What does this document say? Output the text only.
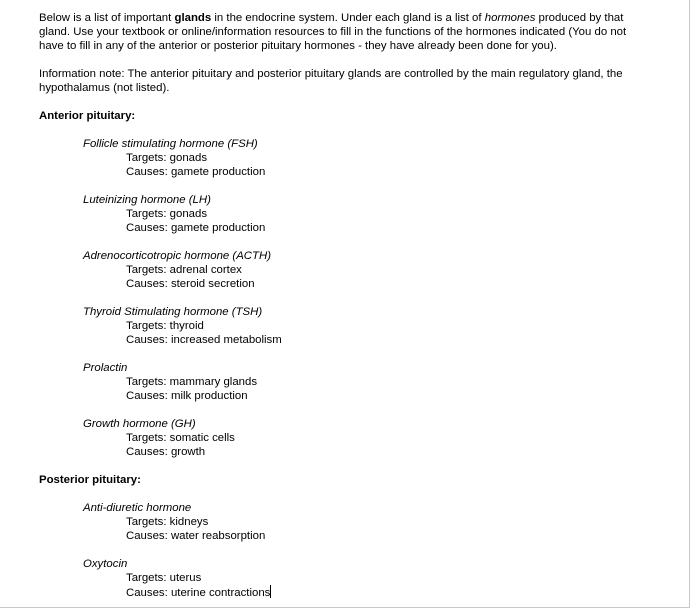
Below is a list of important glands in the endocrine system. Under each gland is a list of hormones produced by that gland. Use your textbook or online/information resources to fill in the functions of the hormones indicated (You do not have to fill in any of the anterior or posterior pituitary hormones - they have already been done for you).

Information note: The anterior pituitary and posterior pituitary glands are controlled by the main regulatory gland, the hypothalamus (not listed).

Anterior pituitary:
Follicle stimulating hormone (FSH)
Targets: gonads
Causes: gamete production
Luteinizing hormone (LH)
Targets: gonads
Causes: gamete production
Adrenocorticotropic hormone (ACTH)
Targets: adrenal cortex
Causes: steroid secretion
Thyroid Stimulating hormone (TSH)
Targets: thyroid
Causes: increased metabolism
Prolactin
Targets: mammary glands
Causes: milk production
Growth hormone (GH)
Targets: somatic cells
Causes: growth
Posterior pituitary:
Anti-diuretic hormone
Targets: kidneys
Causes: water reabsorption
Oxytocin
Targets: uterus
Causes: uterine contractions
